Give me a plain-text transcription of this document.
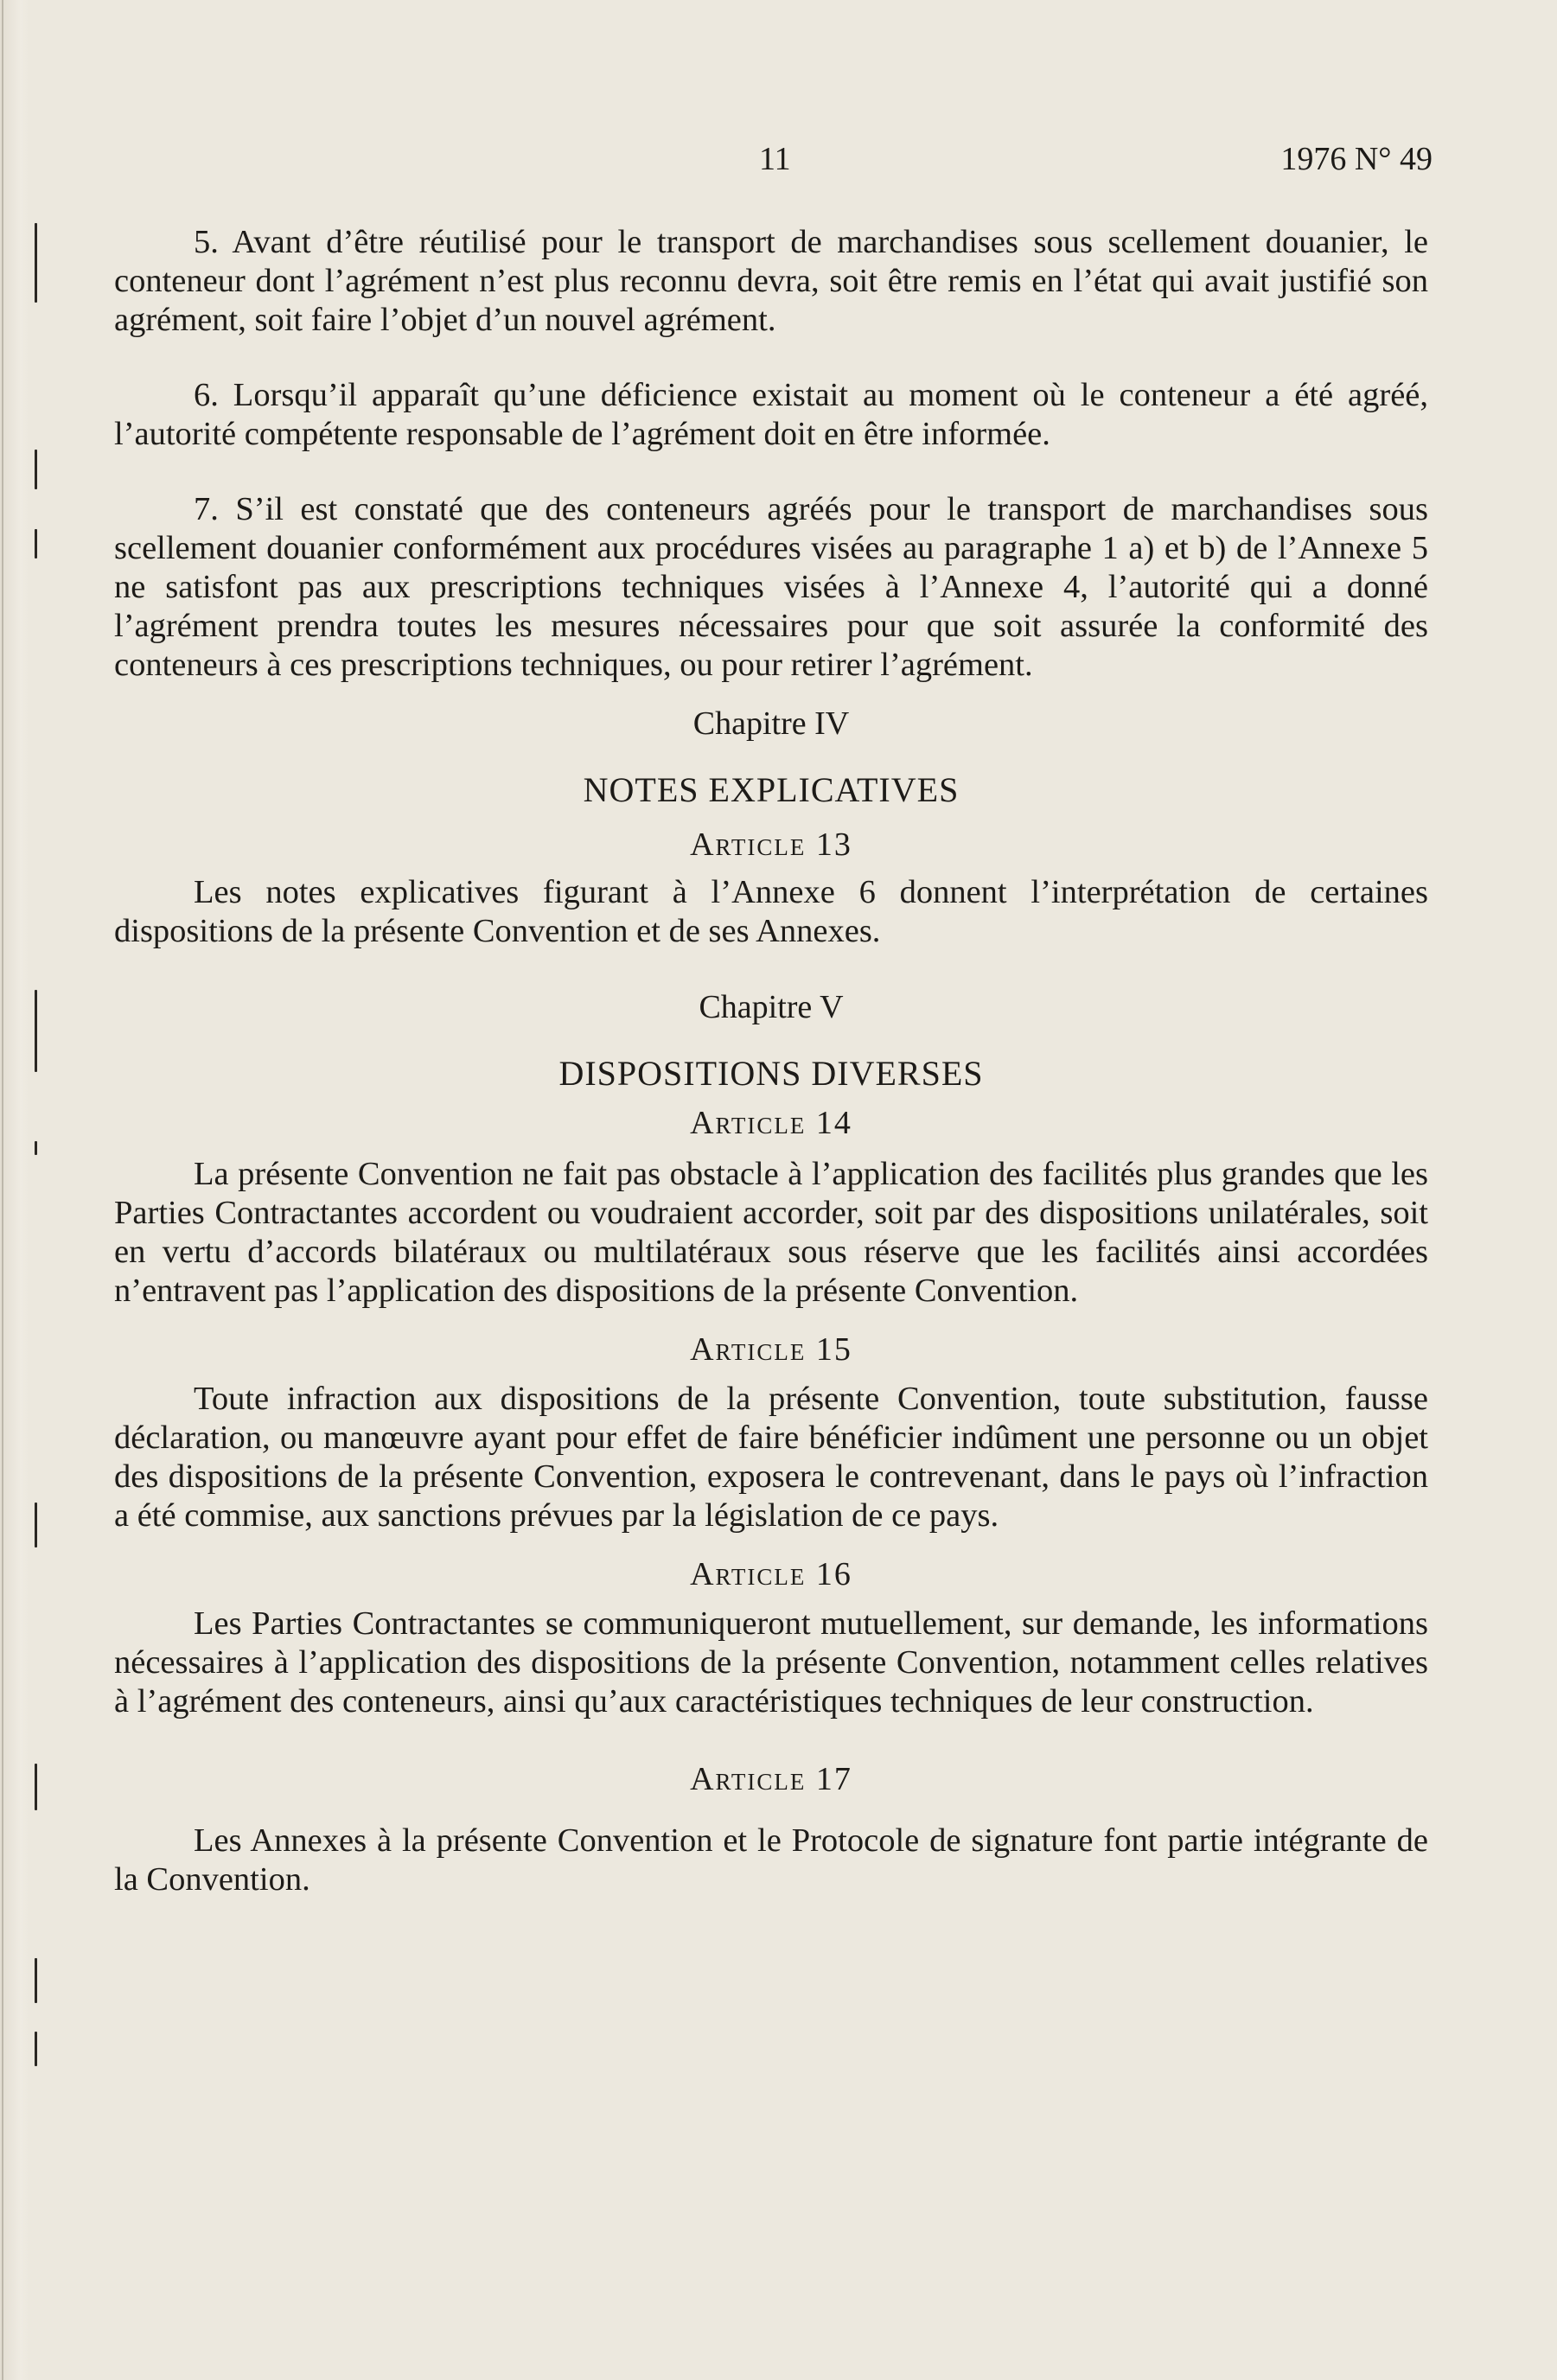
11	1976 N° 49

5. Avant d’être réutilisé pour le transport de marchandises sous scellement douanier, le conteneur dont l’agrément n’est plus reconnu devra, soit être remis en l’état qui avait justifié son agrément, soit faire l’objet d’un nouvel agrément.

6. Lorsqu’il apparaît qu’une déficience existait au moment où le conteneur a été agréé, l’autorité compétente responsable de l’agrément doit en être informée.

7. S’il est constaté que des conteneurs agréés pour le transport de marchandises sous scellement douanier conformément aux procédures visées au paragraphe 1 a) et b) de l’Annexe 5 ne satisfont pas aux prescriptions techniques visées à l’Annexe 4, l’autorité qui a donné l’agrément prendra toutes les mesures nécessaires pour que soit assurée la conformité des conteneurs à ces prescriptions techniques, ou pour retirer l’agrément.

Chapitre IV

NOTES EXPLICATIVES

Article 13

Les notes explicatives figurant à l’Annexe 6 donnent l’interprétation de certaines dispositions de la présente Convention et de ses Annexes.

Chapitre V

DISPOSITIONS DIVERSES

Article 14

La présente Convention ne fait pas obstacle à l’application des facilités plus grandes que les Parties Contractantes accordent ou voudraient accorder, soit par des dispositions unilatérales, soit en vertu d’accords bilatéraux ou multilatéraux sous réserve que les facilités ainsi accordées n’entravent pas l’application des dispositions de la présente Convention.

Article 15

Toute infraction aux dispositions de la présente Convention, toute substitution, fausse déclaration, ou manœuvre ayant pour effet de faire bénéficier indûment une personne ou un objet des dispositions de la présente Convention, exposera le contrevenant, dans le pays où l’infraction a été commise, aux sanctions prévues par la législation de ce pays.

Article 16

Les Parties Contractantes se communiqueront mutuellement, sur demande, les informations nécessaires à l’application des dispositions de la présente Convention, notamment celles relatives à l’agrément des conteneurs, ainsi qu’aux caractéristiques techniques de leur construction.

Article 17

Les Annexes à la présente Convention et le Protocole de signature font partie intégrante de la Convention.
